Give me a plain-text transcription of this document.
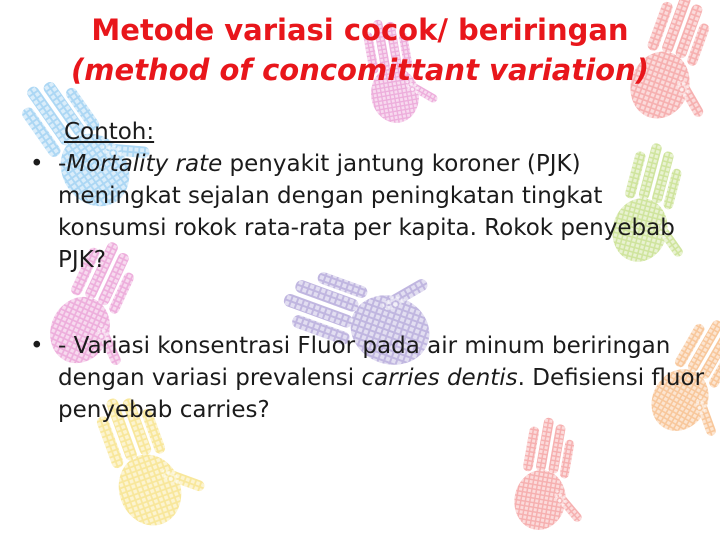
Metode variasi cocok/ beriringan
(method of concomittant variation)
Contoh:
• -Mortality rate penyakit jantung koroner (PJK) meningkat sejalan dengan peningkatan tingkat konsumsi rokok rata-rata per kapita. Rokok penyebab PJK?
• - Variasi konsentrasi Fluor pada air minum beriringan dengan variasi prevalensi carries dentis. Defisiensi fluor penyebab carries?
